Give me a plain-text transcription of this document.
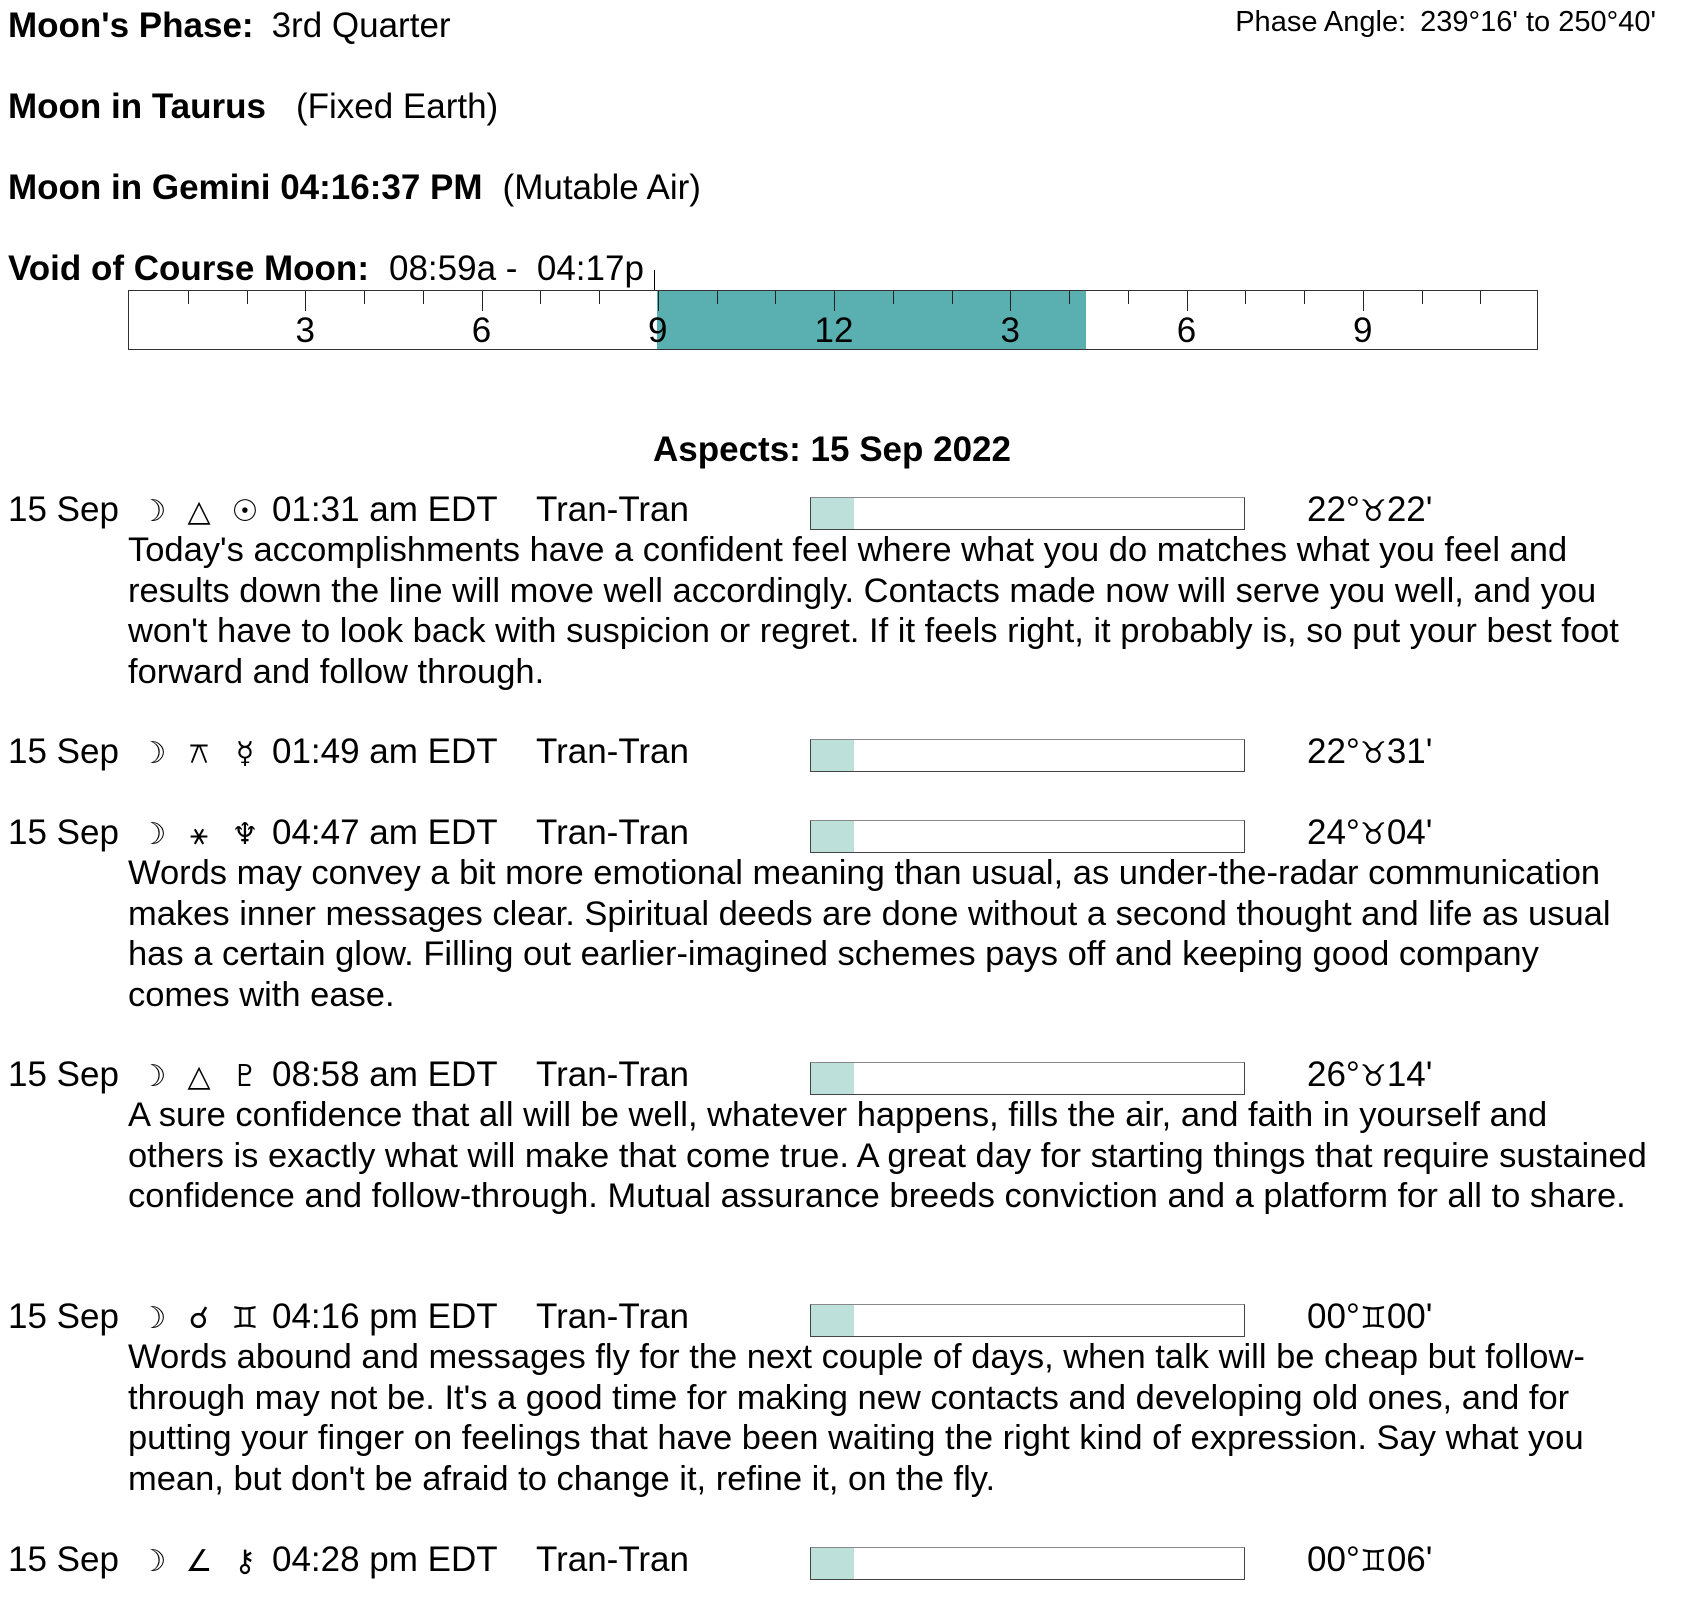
Moon's Phase: 3rd Quarter	Phase Angle: 239°16' to 250°40'
Moon in Taurus (Fixed Earth)
Moon in Gemini 04:16:37 PM (Mutable Air)
Void of Course Moon: 08:59a -  04:17p
3	6	9	12	3	6	9
Aspects: 15 Sep 2022
15 Sep ☽ △ ☉ 01:31 am EDT Tran-Tran	22°♉22'
Today's accomplishments have a confident feel where what you do matches what you feel and results down the line will move well accordingly. Contacts made now will serve you well, and you won't have to look back with suspicion or regret. If it feels right, it probably is, so put your best foot forward and follow through.
15 Sep ☽ ⚻ ☿ 01:49 am EDT Tran-Tran	22°♉31'
15 Sep ☽ ⚹ ♆ 04:47 am EDT Tran-Tran	24°♉04'
Words may convey a bit more emotional meaning than usual, as under-the-radar communication makes inner messages clear. Spiritual deeds are done without a second thought and life as usual has a certain glow. Filling out earlier-imagined schemes pays off and keeping good company comes with ease.
15 Sep ☽ △ ♇ 08:58 am EDT Tran-Tran	26°♉14'
A sure confidence that all will be well, whatever happens, fills the air, and faith in yourself and others is exactly what will make that come true. A great day for starting things that require sustained confidence and follow-through. Mutual assurance breeds conviction and a platform for all to share.
15 Sep ☽ ☌ ♊ 04:16 pm EDT Tran-Tran	00°♊00'
Words abound and messages fly for the next couple of days, when talk will be cheap but follow-through may not be. It's a good time for making new contacts and developing old ones, and for putting your finger on feelings that have been waiting the right kind of expression. Say what you mean, but don't be afraid to change it, refine it, on the fly.
15 Sep ☽ ∠ ⚷ 04:28 pm EDT Tran-Tran	00°♊06'
